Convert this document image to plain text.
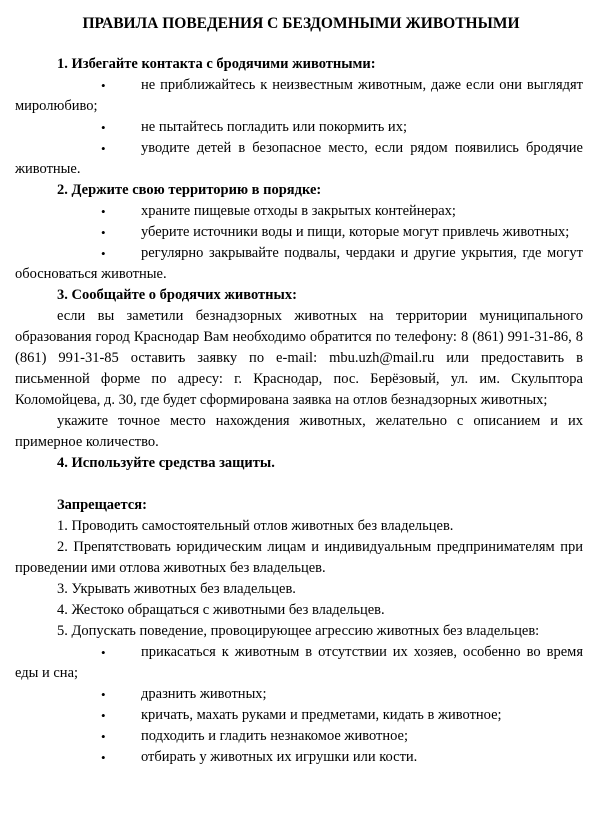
ПРАВИЛА ПОВЕДЕНИЯ С БЕЗДОМНЫМИ ЖИВОТНЫМИ
1. Избегайте контакта с бродячими животными:
• не приближайтесь к неизвестным животным, даже если они выглядят миролюбиво;
• не пытайтесь погладить или покормить их;
• уводите детей в безопасное место, если рядом появились бродячие животные.
2. Держите свою территорию в порядке:
• храните пищевые отходы в закрытых контейнерах;
• уберите источники воды и пищи, которые могут привлечь животных;
• регулярно закрывайте подвалы, чердаки и другие укрытия, где могут обосноваться животные.
3. Сообщайте о бродячих животных:
если вы заметили безнадзорных животных на территории муниципального образования город Краснодар Вам необходимо обратится по телефону: 8 (861) 991-31-86, 8 (861) 991-31-85 оставить заявку по e-mail: mbu.uzh@mail.ru или предоставить в письменной форме по адресу: г. Краснодар, пос. Берёзовый, ул. им. Скульптора Коломойцева, д. 30, где будет сформирована заявка на отлов безнадзорных животных;
укажите точное место нахождения животных, желательно с описанием и их примерное количество.
4. Используйте средства защиты.
Запрещается:
1. Проводить самостоятельный отлов животных без владельцев.
2. Препятствовать юридическим лицам и индивидуальным предпринимателям при проведении ими отлова животных без владельцев.
3. Укрывать животных без владельцев.
4. Жестоко обращаться с животными без владельцев.
5. Допускать поведение, провоцирующее агрессию животных без владельцев:
• прикасаться к животным в отсутствии их хозяев, особенно во время еды и сна;
• дразнить животных;
• кричать, махать руками и предметами, кидать в животное;
• подходить и гладить незнакомое животное;
• отбирать у животных их игрушки или кости.
